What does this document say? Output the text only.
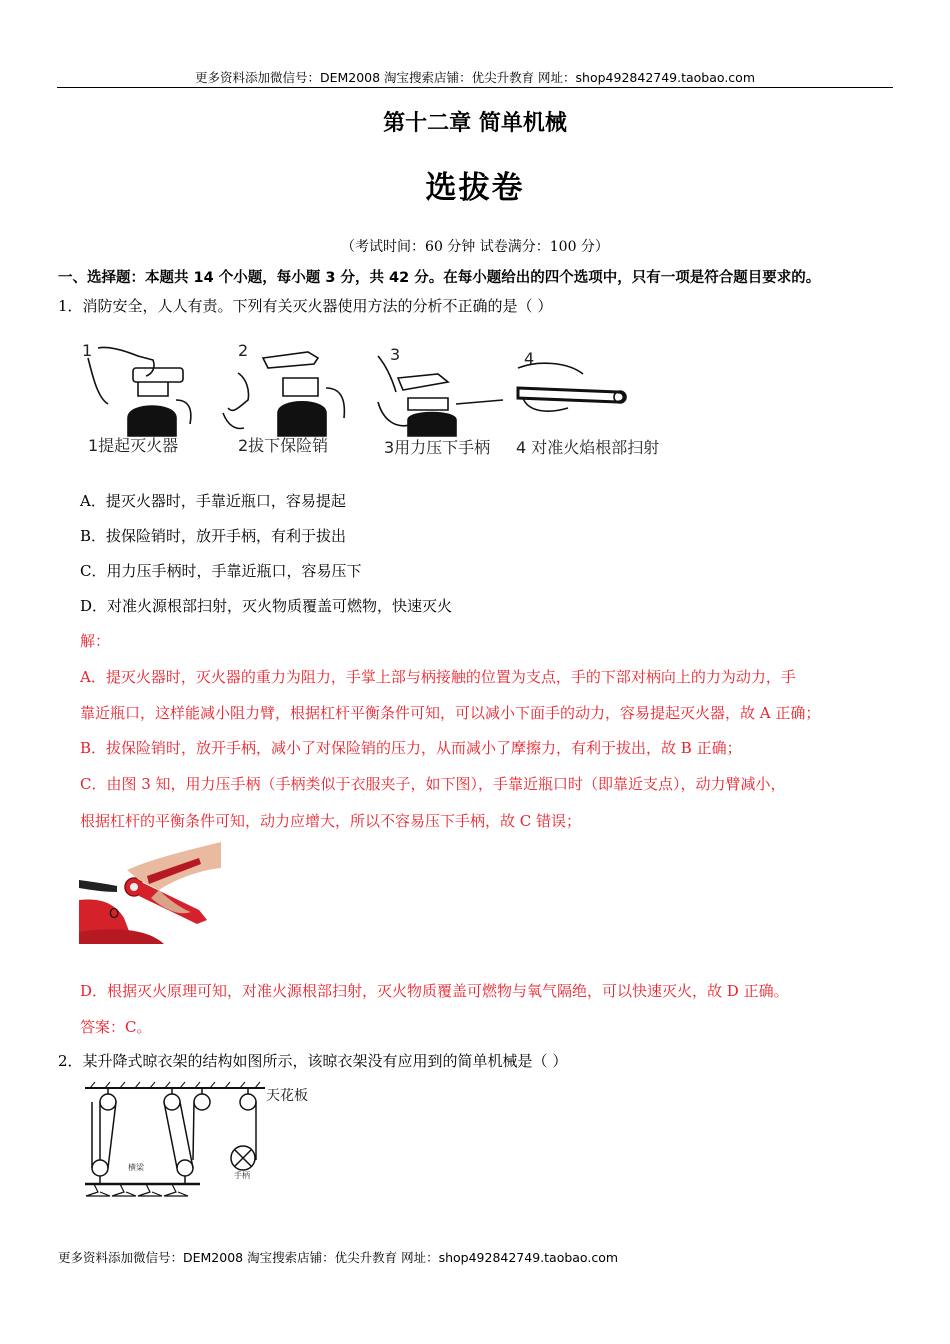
更多资料添加微信号：DEM2008 淘宝搜索店铺：优尖升教育 网址：shop492842749.taobao.com
第十二章 简单机械
选拔卷
（考试时间：60 分钟 试卷满分：100 分）
一、选择题：本题共 14 个小题，每小题 3 分，共 42 分。在每小题给出的四个选项中，只有一项是符合题目要求的。
1．消防安全，人人有责。下列有关灭火器使用方法的分析不正确的是（ ）
1	2	3	4
1提起灭火器	2拔下保险销	3用力压下手柄 4 对准火焰根部扫射
A．提灭火器时，手靠近瓶口，容易提起
B．拔保险销时，放开手柄，有利于拔出
C．用力压手柄时，手靠近瓶口，容易压下
D．对准火源根部扫射，灭火物质覆盖可燃物，快速灭火
解：
A．提灭火器时，灭火器的重力为阻力，手掌上部与柄接触的位置为支点，手的下部对柄向上的力为动力，手
靠近瓶口，这样能减小阻力臂，根据杠杆平衡条件可知，可以减小下面手的动力，容易提起灭火器，故 A 正确；
B．拔保险销时，放开手柄，减小了对保险销的压力，从而减小了摩擦力，有利于拔出，故 B 正确；
C．由图 3 知，用力压手柄（手柄类似于衣服夹子，如下图），手靠近瓶口时（即靠近支点），动力臂减小，
根据杠杆的平衡条件可知，动力应增大，所以不容易压下手柄，故 C 错误；
O
D．根据灭火原理可知，对准火源根部扫射，灭火物质覆盖可燃物与氧气隔绝，可以快速灭火，故 D 正确。
答案：C。
2．某升降式晾衣架的结构如图所示，该晾衣架没有应用到的简单机械是（ ）
天花板
横梁
手柄
更多资料添加微信号：DEM2008 淘宝搜索店铺：优尖升教育 网址：shop492842749.taobao.com
